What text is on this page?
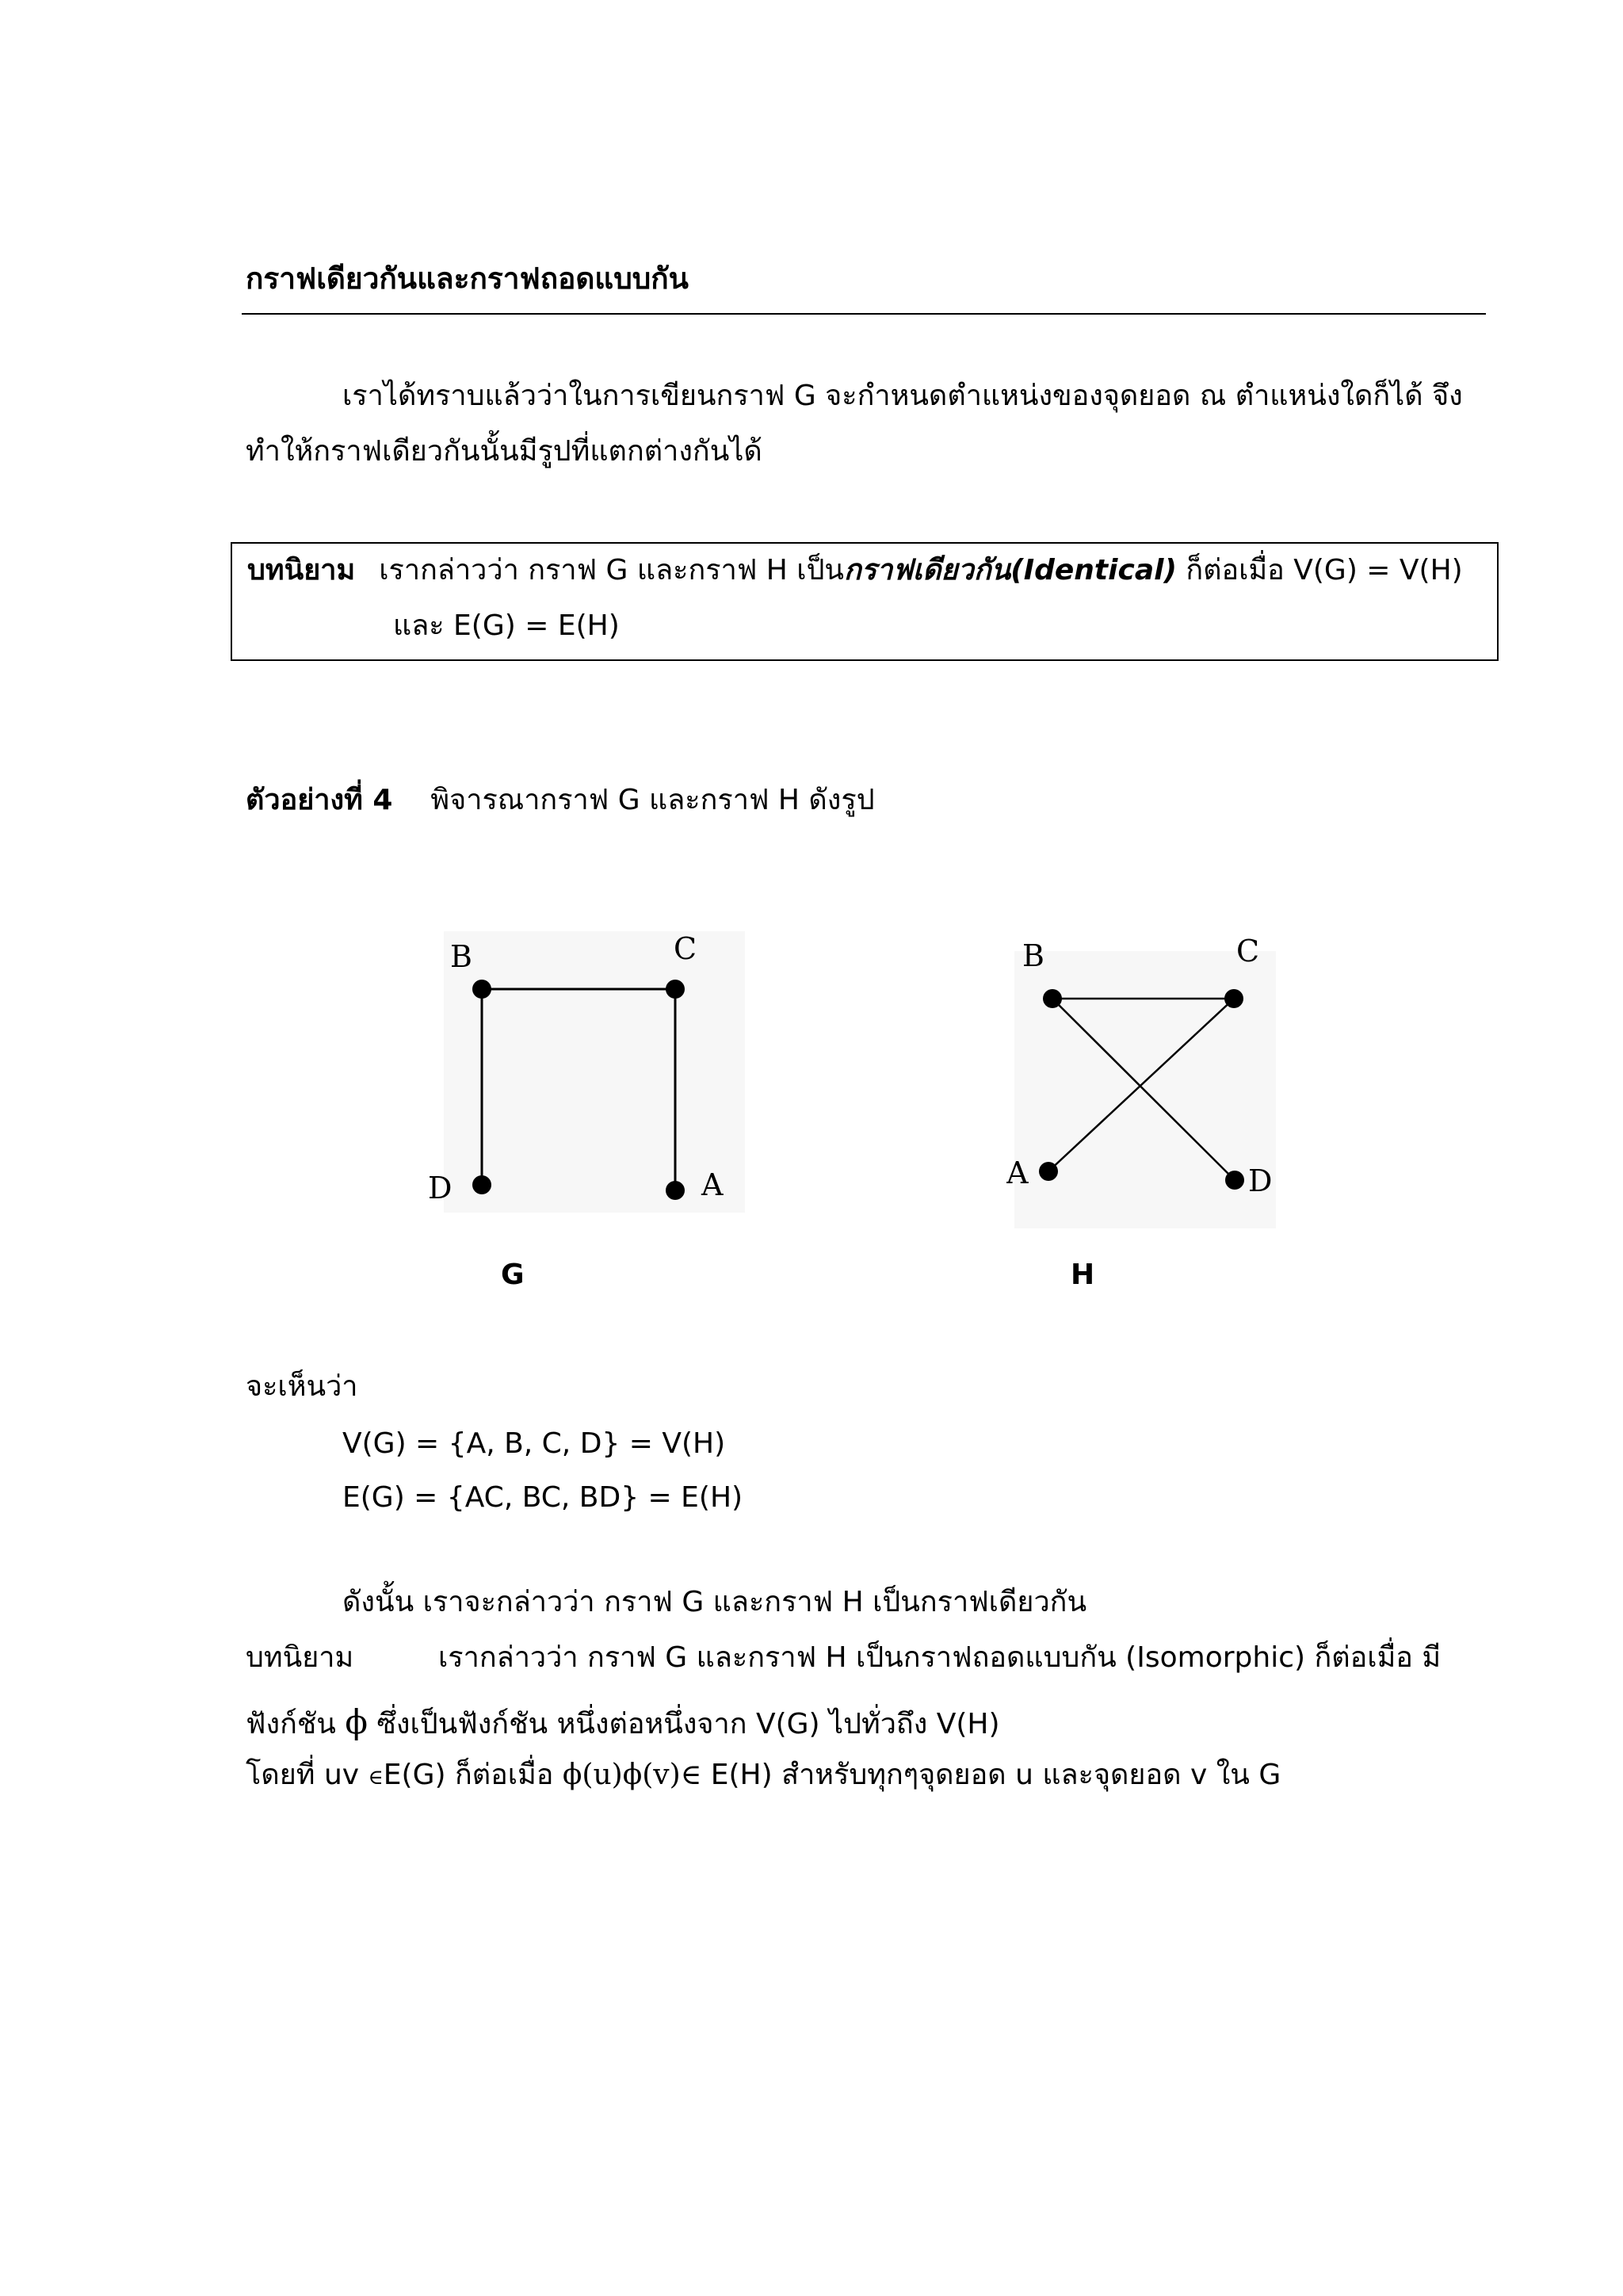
กราฟเดียวกันและกราฟถอดแบบกัน
เราได้ทราบแล้วว่าในการเขียนกราฟ G จะกำหนดตำแหน่งของจุดยอด ณ ตำแหน่งใดก็ได้ จึง
ทำให้กราฟเดียวกันนั้นมีรูปที่แตกต่างกันได้
บทนิยาม เรากล่าวว่า กราฟ G และกราฟ H เป็นกราฟเดียวกัน(Identical) ก็ต่อเมื่อ V(G) = V(H)
และ E(G) = E(H)
ตัวอย่างที่ 4 พิจารณากราฟ G และกราฟ H ดังรูป
B	C
D	A
B	C
A	D
G	H
จะเห็นว่า
V(G) = {A, B, C, D} = V(H)
E(G) = {AC, BC, BD} = E(H)
ดังนั้น เราจะกล่าวว่า กราฟ G และกราฟ H เป็นกราฟเดียวกัน
บทนิยาม	เรากล่าวว่า กราฟ G และกราฟ H เป็นกราฟถอดแบบกัน (Isomorphic) ก็ต่อเมื่อ มี
ฟังก์ชัน ϕ ซึ่งเป็นฟังก์ชัน หนึ่งต่อหนึ่งจาก V(G) ไปทั่วถึง V(H)
โดยที่ uv ∈E(G) ก็ต่อเมื่อ ϕ(u)ϕ(v)∈ E(H) สำหรับทุกๆจุดยอด u และจุดยอด v ใน G
